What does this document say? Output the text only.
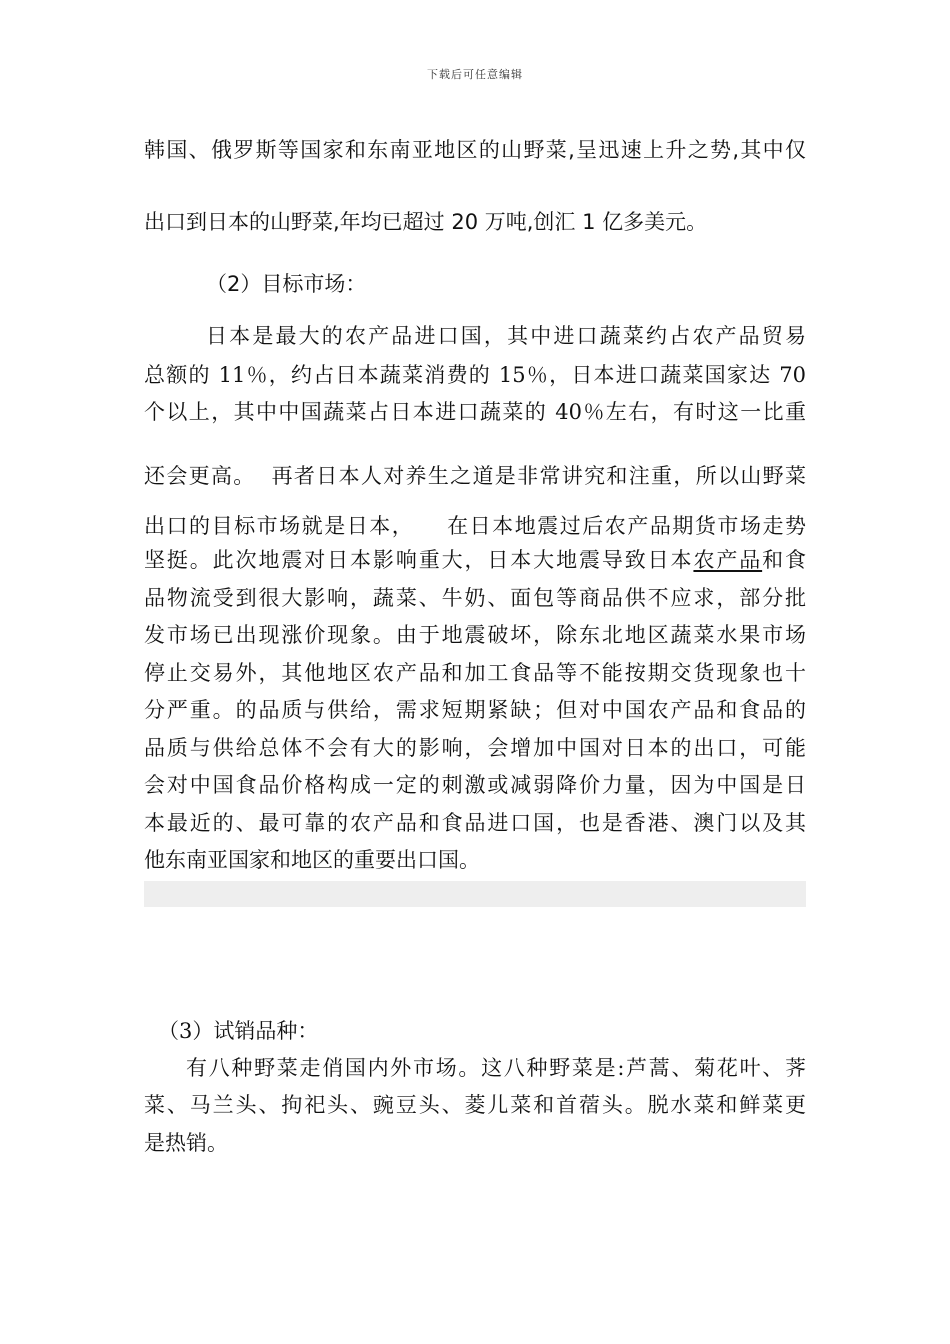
下载后可任意编辑
韩国、俄罗斯等国家和东南亚地区的山野菜,呈迅速上升之势,其中仅
出口到日本的山野菜,年均已超过 20 万吨,创汇 1 亿多美元。
（2）目标市场：
日本是最大的农产品进口国，其中进口蔬菜约占农产品贸易
总额的 11％，约占日本蔬菜消费的 15％，日本进口蔬菜国家达 70
个以上，其中中国蔬菜占日本进口蔬菜的 40％左右，有时这一比重
还会更高。  再者日本人对养生之道是非常讲究和注重，所以山野菜
出口的目标市场就是日本，    在日本地震过后农产品期货市场走势
坚挺。此次地震对日本影响重大，日本大地震导致日本农产品和食
品物流受到很大影响，蔬菜、牛奶、面包等商品供不应求，部分批
发市场已出现涨价现象。由于地震破坏，除东北地区蔬菜水果市场
停止交易外，其他地区农产品和加工食品等不能按期交货现象也十
分严重。的品质与供给，需求短期紧缺；但对中国农产品和食品的
品质与供给总体不会有大的影响，会增加中国对日本的出口，可能
会对中国食品价格构成一定的刺激或减弱降价力量，因为中国是日
本最近的、最可靠的农产品和食品进口国，也是香港、澳门以及其
他东南亚国家和地区的重要出口国。
（3）试销品种：
有八种野菜走俏国内外市场。这八种野菜是:芦蒿、菊花叶、荠
菜、马兰头、拘祀头、豌豆头、菱儿菜和首蓿头。脱水菜和鲜菜更
是热销。
